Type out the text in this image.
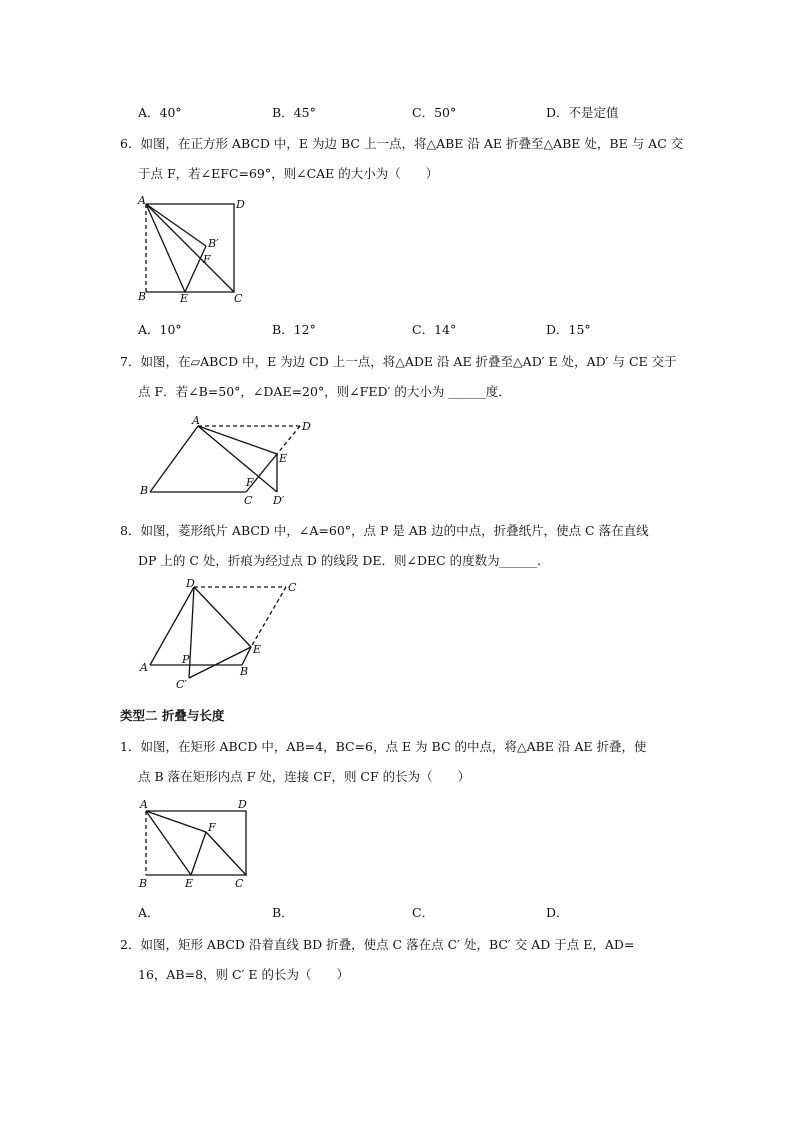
A．40°	B．45°	C．50°	D．不是定值
6．如图，在正方形 ABCD 中，E 为边 BC 上一点，将△ABE 沿 AE 折叠至△ABE 处，BE 与 AC 交
于点 F，若∠EFC=69°，则∠CAE 的大小为（　　）
A	D
B	E	C
B′
F
A．10°	B．12°	C．14°	D．15°
7．如图，在▱ABCD 中，E 为边 CD 上一点，将△ADE 沿 AE 折叠至△AD′ E 处，AD′ 与 CE 交于
点 F．若∠B=50°，∠DAE=20°，则∠FED′ 的大小为 ______度．
A	D
B
E
F
C D′
8．如图，菱形纸片 ABCD 中，∠A=60°，点 P 是 AB 边的中点，折叠纸片，使点 C 落在直线
DP 上的 C 处，折痕为经过点 D 的线段 DE．则∠DEC 的度数为______．
D	C
A
P
B
E
C′
类型二 折叠与长度
1．如图，在矩形 ABCD 中，AB=4，BC=6，点 E 为 BC 的中点，将△ABE 沿 AE 折叠，使
点 B 落在矩形内点 F 处，连接 CF，则 CF 的长为（　　）
A	D
F
B	E	C
A．	B．	C．	D．
2．如图，矩形 ABCD 沿着直线 BD 折叠，使点 C 落在点 C′ 处，BC′ 交 AD 于点 E，AD=
16，AB=8，则 C′ E 的长为（　　）
